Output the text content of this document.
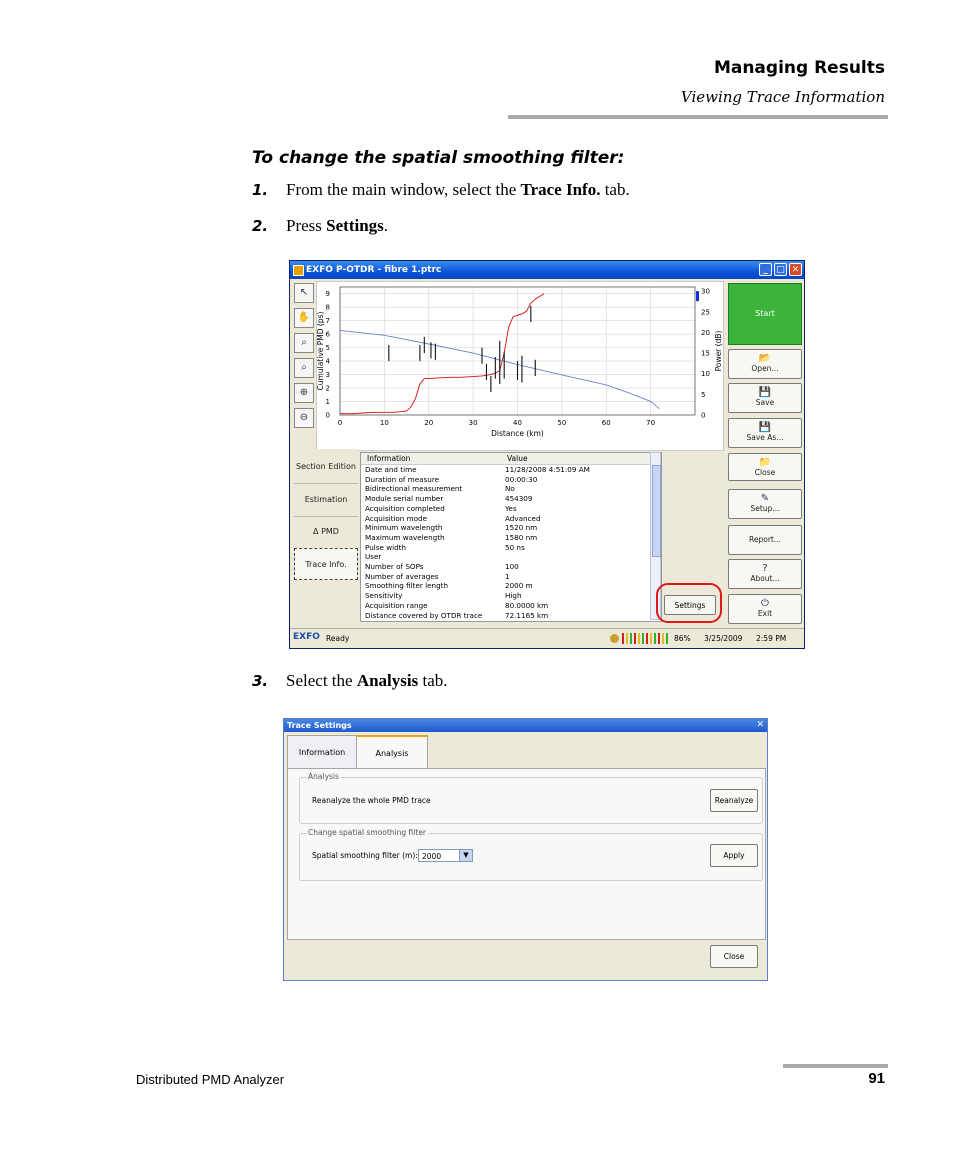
Managing Results
Viewing Trace Information
To change the spatial smoothing filter:
1. From the main window, select the Trace Info. tab.
2. Press Settings.
EXFO P-OTDR - fibre 1.ptrc	_ □ ✕
↖
✋
⌕
⌕
⊕
⊖	0	10	20	30	40	50	60	70
0
1
2
3
4
5
6
7
8
9
0
5
10
15
20
25
30
Distance (km)
Cumulative PMD (ps)	Power (dB)
Start
📂
Open...
💾
Save
💾
Save As...
📁
Close
✎
Setup...
Report...
?
About...
⏻
Exit
Section Edition
Estimation
Δ PMD
Trace Info.
Information	Value
Date and time	11/28/2008 4:51:09 AM
Duration of measure	00:00:30
Bidirectional measurement	No
Module serial number	454309
Acquisition completed	Yes
Acquisition mode	Advanced
Minimum wavelength	1520 nm
Maximum wavelength	1580 nm
Pulse width	50 ns
User
Number of SOPs	100
Number of averages	1
Smoothing filter length	2000 m
Sensitivity	High
Acquisition range	80.0000 km
Distance covered by OTDR trace	72.1165 km
Settings
EXFO Ready	86% 3/25/2009 2:59 PM
3. Select the Analysis tab.
Trace Settings	✕
Information	Analysis
Analysis
Reanalyze the whole PMD trace	Reanalyze
Change spatial smoothing filter
Spatial smoothing filter (m): 2000	▼	Apply
Close
Distributed PMD Analyzer	91
